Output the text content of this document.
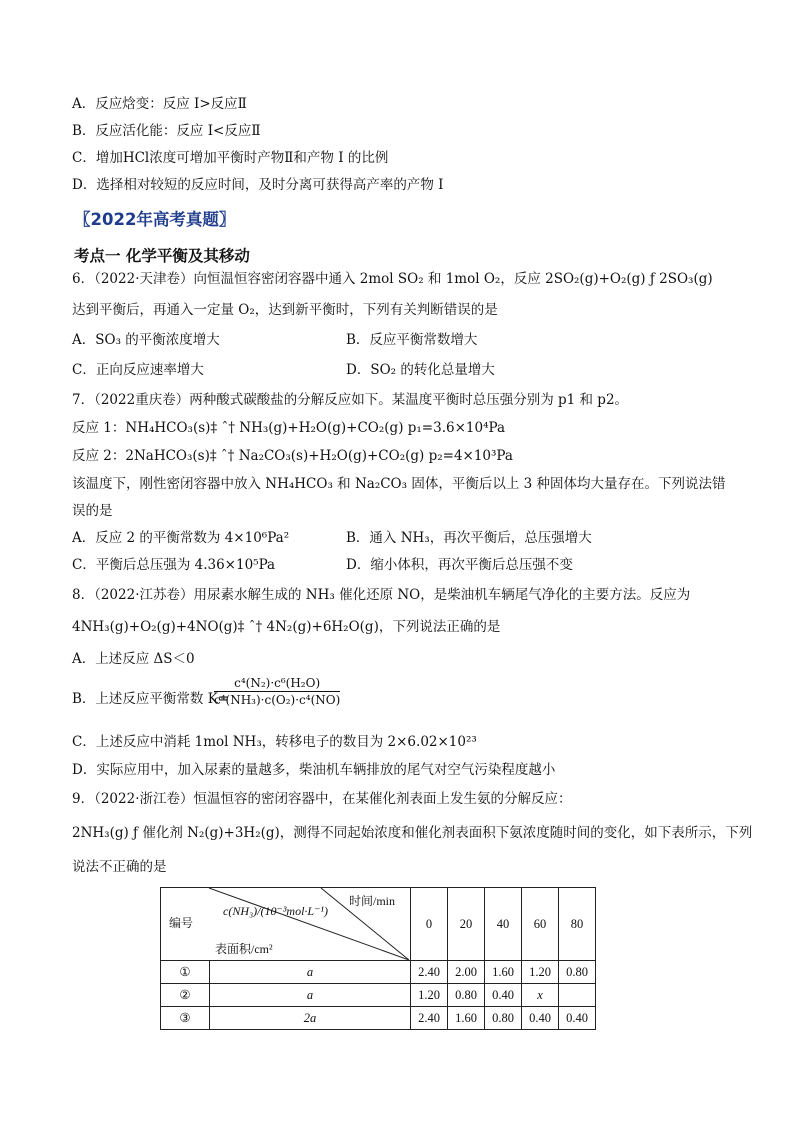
A．反应焓变：反应 I>反应Ⅱ
B．反应活化能：反应 I<反应Ⅱ
C．增加HCl浓度可增加平衡时产物Ⅱ和产物 I 的比例
D．选择相对较短的反应时间，及时分离可获得高产率的产物 I
〖2022年高考真题〗
考点一 化学平衡及其移动
6．（2022·天津卷）向恒温恒容密闭容器中通入 2mol SO₂ 和 1mol O₂，反应 2SO₂(g)+O₂(g) ƒ 2SO₃(g)
达到平衡后，再通入一定量 O₂，达到新平衡时，下列有关判断错误的是
A．SO₃ 的平衡浓度增大	B．反应平衡常数增大
C．正向反应速率增大	D．SO₂ 的转化总量增大
7．（2022重庆卷）两种酸式碳酸盐的分解反应如下。某温度平衡时总压强分别为 p1 和 p2。
反应 1：NH₄HCO₃(s)‡ ˆ† NH₃(g)+H₂O(g)+CO₂(g) p₁=3.6×10⁴Pa
反应 2：2NaHCO₃(s)‡ ˆ† Na₂CO₃(s)+H₂O(g)+CO₂(g) p₂=4×10³Pa
该温度下，刚性密闭容器中放入 NH₄HCO₃ 和 Na₂CO₃ 固体，平衡后以上 3 种固体均大量存在。下列说法错
误的是
A．反应 2 的平衡常数为 4×10⁶Pa²	B．通入 NH₃，再次平衡后，总压强增大
C．平衡后总压强为 4.36×10⁵Pa	D．缩小体积，再次平衡后总压强不变
8．（2022·江苏卷）用尿素水解生成的 NH₃ 催化还原 NO，是柴油机车辆尾气净化的主要方法。反应为
4NH₃(g)+O₂(g)+4NO(g)‡ ˆ† 4N₂(g)+6H₂O(g)，下列说法正确的是
A．上述反应 ΔS＜0
B．上述反应平衡常数 K=
$\frac{\text{c⁴(N₂)·c⁶(H₂O)}}{\text{c⁴(NH₃)·c(O₂)·c⁴(NO)}}$
C．上述反应中消耗 1mol NH₃，转移电子的数目为 2×6.02×10²³
D．实际应用中，加入尿素的量越多，柴油机车辆排放的尾气对空气污染程度越小
9．（2022·浙江卷）恒温恒容的密闭容器中，在某催化剂表面上发生氨的分解反应：
2NH₃(g) ƒ 催化剂 N₂(g)+3H₂(g)，测得不同起始浓度和催化剂表面积下氨浓度随时间的变化，如下表所示，下列
说法不正确的是
编号
c(NH₃)/(10⁻³mol·L⁻¹)
时间/min
表面积/cm²		0	20	40	60	80
①	a	2.40	2.00	1.60	1.20	0.80
②	a	1.20	0.80	0.40	x	
③	2a	2.40	1.60	0.80	0.40	0.40
